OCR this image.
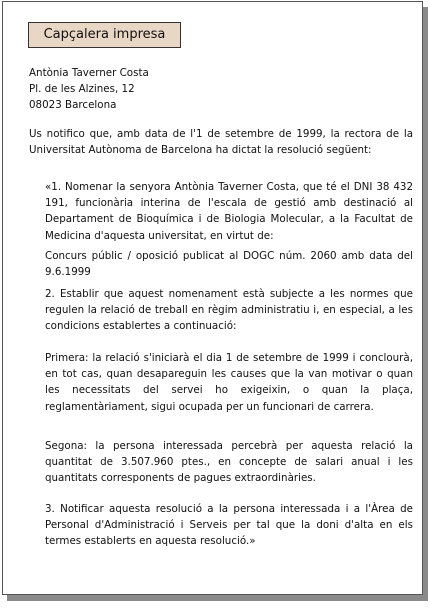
Capçalera impresa
Antònia Taverner Costa
Pl. de les Alzines, 12
08023 Barcelona
Us notifico que, amb data de l'1 de setembre de 1999, la rectora de la Universitat Autònoma de Barcelona ha dictat la resolució següent:
«1. Nomenar la senyora Antònia Taverner Costa, que té el DNI 38 432 191, funcionària interina de l'escala de gestió amb destinació al Departament de Bioquímica i de Biologia Molecular, a la Facultat de Medicina d'aquesta universitat, en virtut de:
Concurs públic / oposició publicat al DOGC núm. 2060 amb data del 9.6.1999
2. Establir que aquest nomenament està subjecte a les normes que regulen la relació de treball en règim administratiu i, en especial, a les condicions establertes a continuació:
Primera: la relació s'iniciarà el dia 1 de setembre de 1999 i conclourà, en tot cas, quan desapareguin les causes que la van motivar o quan les necessitats del servei ho exigeixin, o quan la plaça, reglamentàriament, sigui ocupada per un funcionari de carrera.
Segona: la persona interessada percebrà per aquesta relació la quantitat de 3.507.960 ptes., en concepte de salari anual i les quantitats corresponents de pagues extraordinàries.
3. Notificar aquesta resolució a la persona interessada i a l'Àrea de Personal d'Administració i Serveis per tal que la doni d'alta en els termes establerts en aquesta resolució.»
